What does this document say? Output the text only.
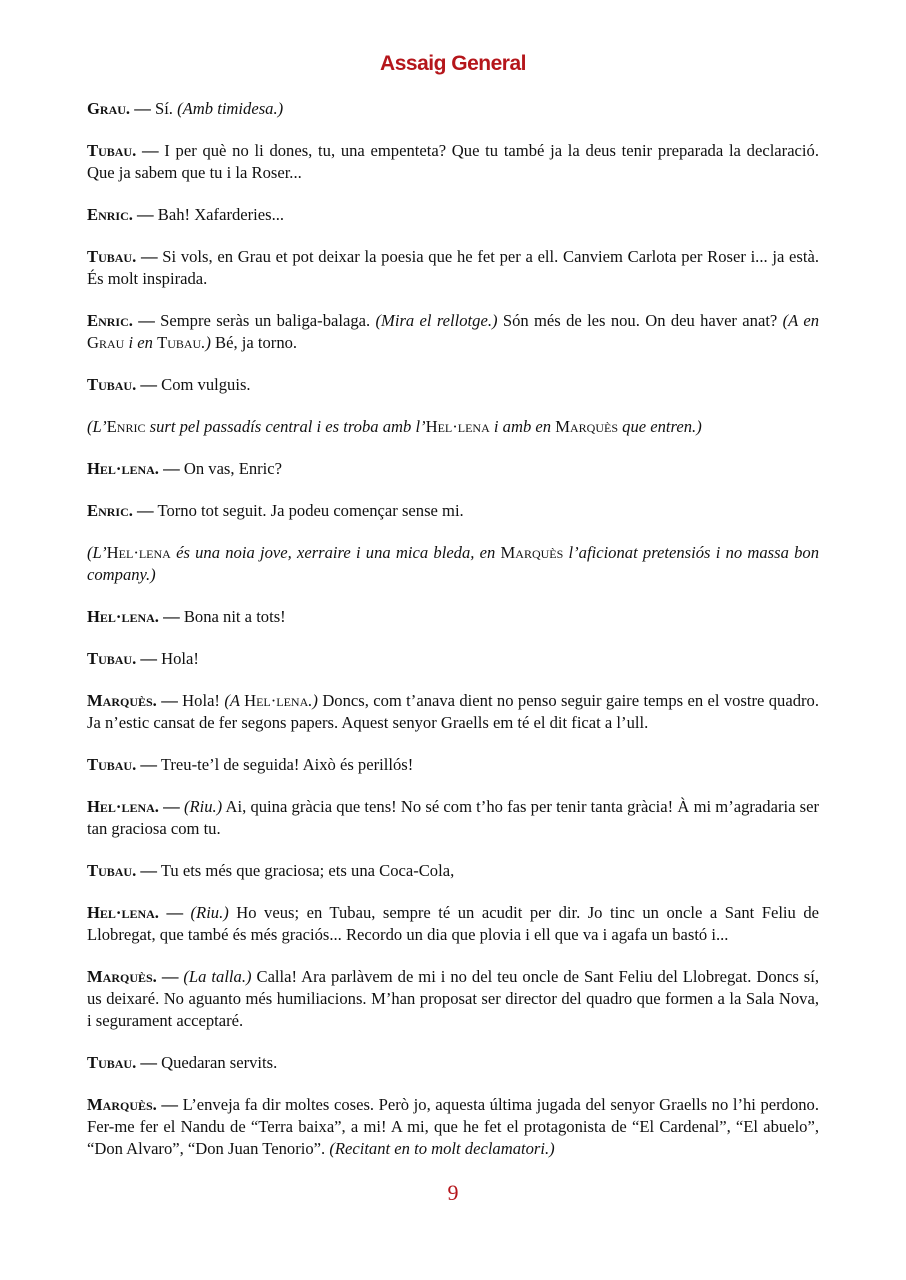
Assaig General

Grau. — Sí. (Amb timidesa.)

Tubau. — I per què no li dones, tu, una empenteta? Que tu també ja la deus tenir preparada la declaració. Que ja sabem que tu i la Roser...

Enric. — Bah! Xafarderies...

Tubau. — Si vols, en Grau et pot deixar la poesia que he fet per a ell. Canviem Carlota per Roser i... ja està. És molt inspirada.

Enric. — Sempre seràs un baliga-balaga. (Mira el rellotge.) Són més de les nou. On deu haver anat? (A en Grau i en Tubau.) Bé, ja torno.

Tubau. — Com vulguis.

(L’Enric surt pel passadís central i es troba amb l’Hel·lena i amb en Marquès que entren.)

Hel·lena. — On vas, Enric?

Enric. — Torno tot seguit. Ja podeu començar sense mi.

(L’Hel·lena és una noia jove, xerraire i una mica bleda, en Marquès l’aficionat pretensiós i no massa bon company.)

Hel·lena. — Bona nit a tots!

Tubau. — Hola!

Marquès. — Hola! (A Hel·lena.) Doncs, com t’anava dient no penso seguir gaire temps en el vostre quadro. Ja n’estic cansat de fer segons papers. Aquest senyor Graells em té el dit ficat a l’ull.

Tubau. — Treu-te’l de seguida! Això és perillós!

Hel·lena. — (Riu.) Ai, quina gràcia que tens! No sé com t’ho fas per tenir tanta gràcia! À mi m’agradaria ser tan graciosa com tu.

Tubau. — Tu ets més que graciosa; ets una Coca-Cola,

Hel·lena. — (Riu.) Ho veus; en Tubau, sempre té un acudit per dir. Jo tinc un oncle a Sant Feliu de Llobregat, que també és més graciós... Recordo un dia que plovia i ell que va i agafa un bastó i...

Marquès. — (La talla.) Calla! Ara parlàvem de mi i no del teu oncle de Sant Feliu del Llobregat. Doncs sí, us deixaré. No aguanto més humiliacions. M’han proposat ser director del quadro que formen a la Sala Nova, i segurament acceptaré.

Tubau. — Quedaran servits.

Marquès. — L’enveja fa dir moltes coses. Però jo, aquesta última jugada del senyor Graells no l’hi perdono. Fer-me fer el Nandu de “Terra baixa”, a mi! A mi, que he fet el protagonista de “El Cardenal”, “El abuelo”, “Don Alvaro”, “Don Juan Tenorio”. (Recitant en to molt declamatori.)

9
